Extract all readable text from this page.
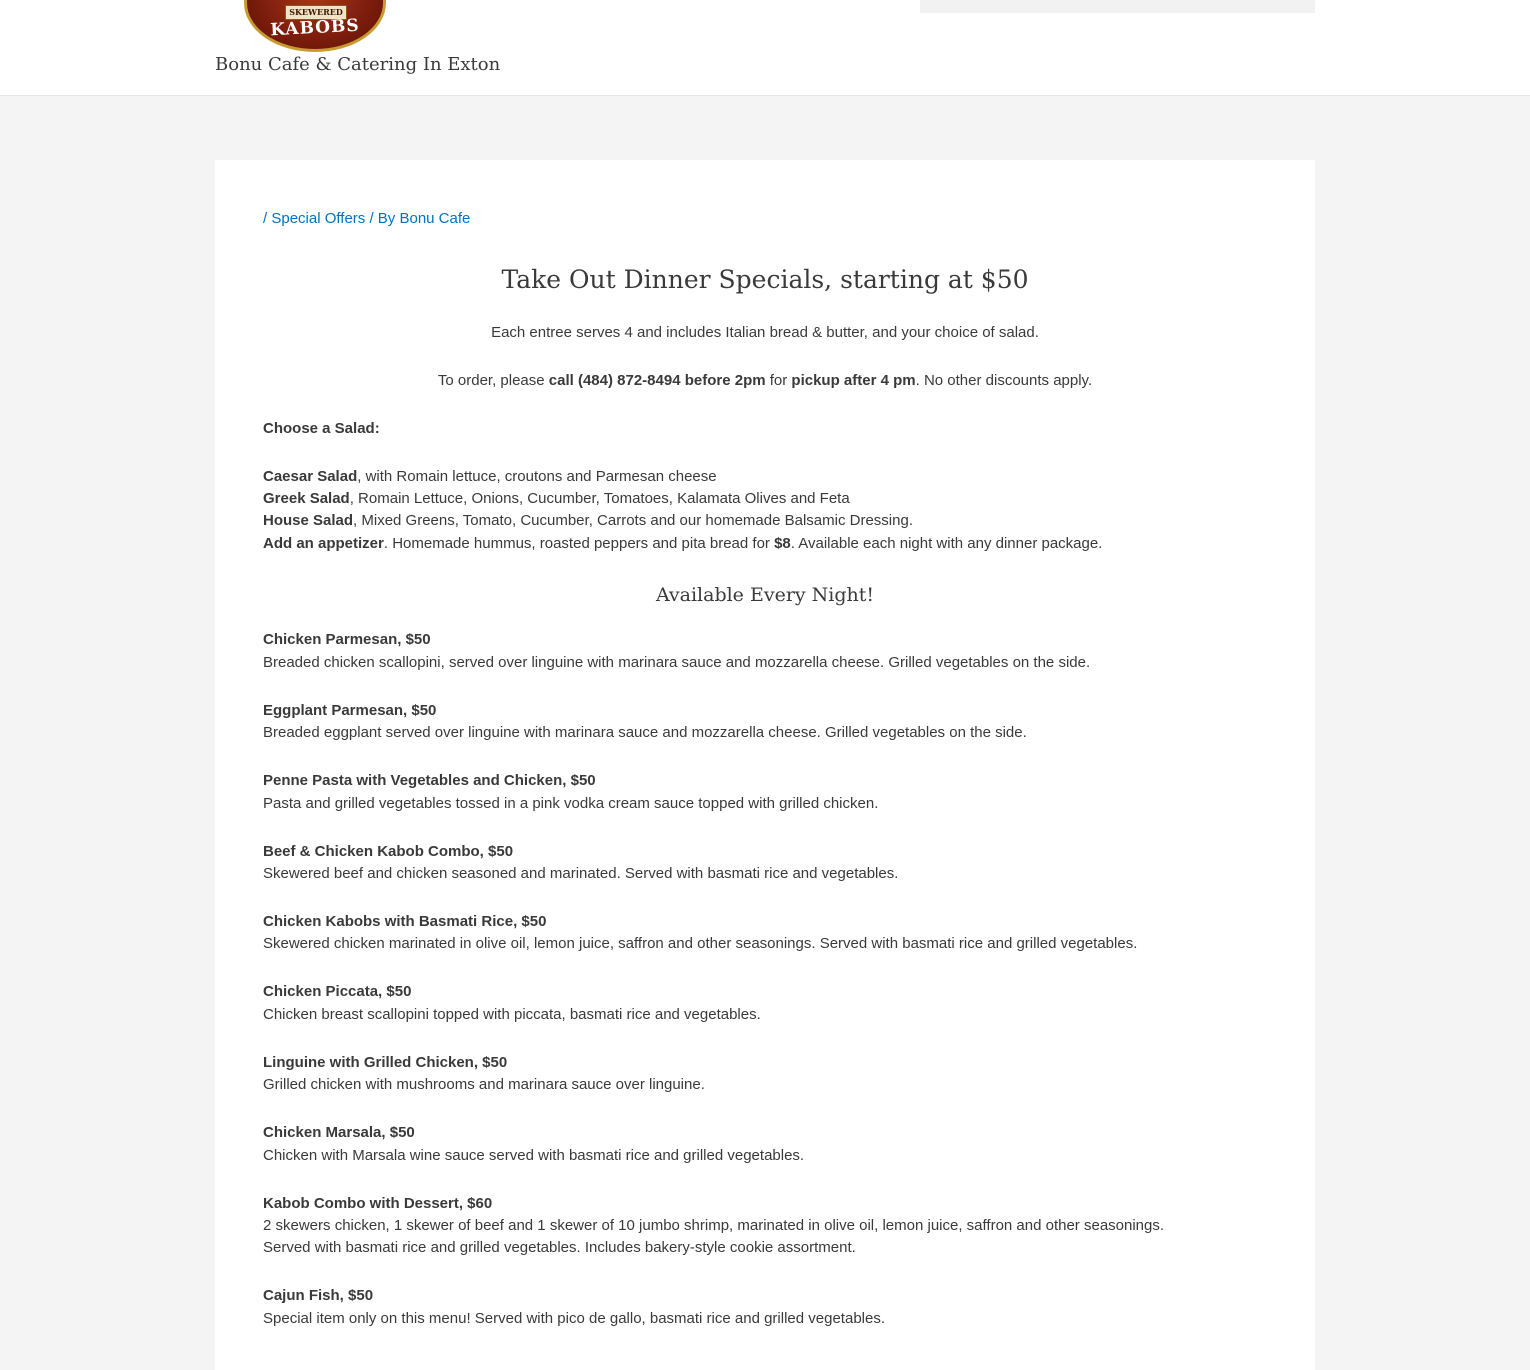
SKEWERED
KABOBS
Bonu Cafe & Catering In Exton
/ Special Offers / By Bonu Cafe
Take Out Dinner Specials, starting at $50
Each entree serves 4 and includes Italian bread & butter, and your choice of salad.
To order, please call (484) 872-8494 before 2pm for pickup after 4 pm. No other discounts apply.
Choose a Salad:
Caesar Salad, with Romain lettuce, croutons and Parmesan cheese
Greek Salad, Romain Lettuce, Onions, Cucumber, Tomatoes, Kalamata Olives and Feta
House Salad, Mixed Greens, Tomato, Cucumber, Carrots and our homemade Balsamic Dressing.
Add an appetizer. Homemade hummus, roasted peppers and pita bread for $8. Available each night with any dinner package.
Available Every Night!
Chicken Parmesan, $50
Breaded chicken scallopini, served over linguine with marinara sauce and mozzarella cheese. Grilled vegetables on the side.
Eggplant Parmesan, $50
Breaded eggplant served over linguine with marinara sauce and mozzarella cheese. Grilled vegetables on the side.
Penne Pasta with Vegetables and Chicken, $50
Pasta and grilled vegetables tossed in a pink vodka cream sauce topped with grilled chicken.
Beef & Chicken Kabob Combo, $50
Skewered beef and chicken seasoned and marinated. Served with basmati rice and vegetables.
Chicken Kabobs with Basmati Rice, $50
Skewered chicken marinated in olive oil, lemon juice, saffron and other seasonings. Served with basmati rice and grilled vegetables.
Chicken Piccata, $50
Chicken breast scallopini topped with piccata, basmati rice and vegetables.
Linguine with Grilled Chicken, $50
Grilled chicken with mushrooms and marinara sauce over linguine.
Chicken Marsala, $50
Chicken with Marsala wine sauce served with basmati rice and grilled vegetables.
Kabob Combo with Dessert, $60
2 skewers chicken, 1 skewer of beef and 1 skewer of 10 jumbo shrimp, marinated in olive oil, lemon juice, saffron and other seasonings.
Served with basmati rice and grilled vegetables. Includes bakery-style cookie assortment.
Cajun Fish, $50
Special item only on this menu! Served with pico de gallo, basmati rice and grilled vegetables.
